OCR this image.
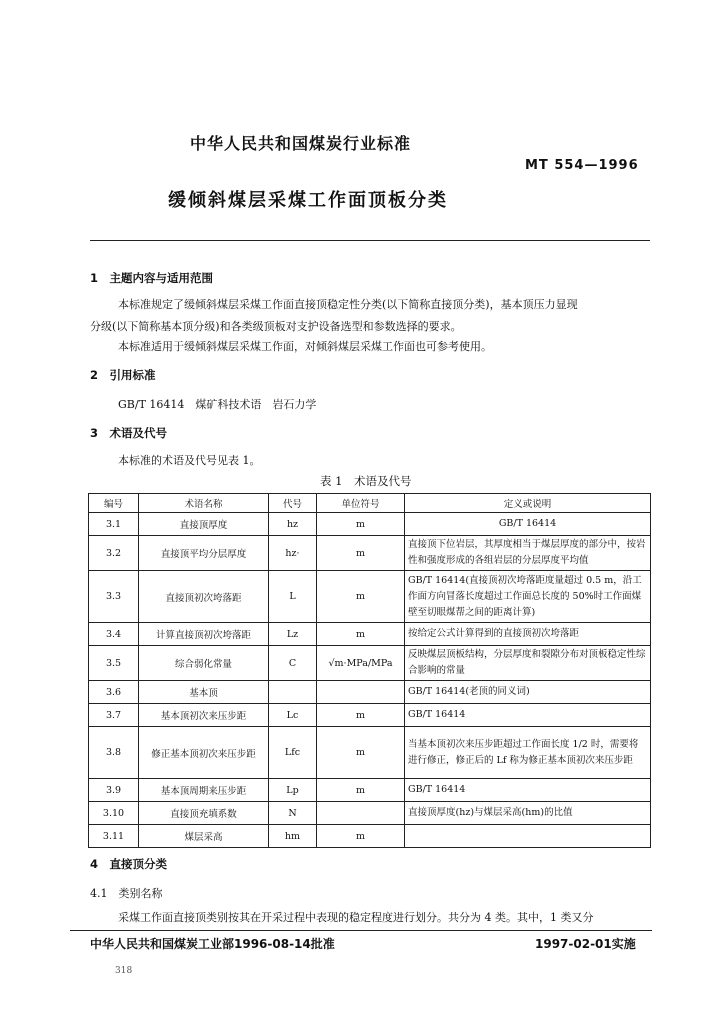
中华人民共和国煤炭行业标准
MT 554—1996
缓倾斜煤层采煤工作面顶板分类
1　主题内容与适用范围
本标准规定了缓倾斜煤层采煤工作面直接顶稳定性分类(以下简称直接顶分类)，基本顶压力显现
分级(以下简称基本顶分级)和各类级顶板对支护设备选型和参数选择的要求。
本标准适用于缓倾斜煤层采煤工作面，对倾斜煤层采煤工作面也可参考使用。
2　引用标准
GB/T 16414　煤矿科技术语　岩石力学
3　术语及代号
本标准的术语及代号见表 1。
表 1　术语及代号
编号	术语名称	代号	单位符号	定义或说明
3.1	直接顶厚度	hz	m	GB/T 16414
3.2	直接顶平均分层厚度	hz·	m	直接顶下位岩层，其厚度相当于煤层厚度的部分中，按岩性和强度形成的各组岩层的分层厚度平均值
3.3	直接顶初次垮落距	L	m	GB/T 16414(直接顶初次垮落距度量超过 0.5 m，沿工作面方向冒落长度超过工作面总长度的 50%时工作面煤壁至切眼煤帮之间的距离计算)
3.4	计算直接顶初次垮落距	Lz	m	按给定公式计算得到的直接顶初次垮落距
3.5	综合弱化常量	C	√m·MPa/MPa	反映煤层顶板结构，分层厚度和裂隙分布对顶板稳定性综合影响的常量
3.6	基本顶			GB/T 16414(老顶的同义词)
3.7	基本顶初次来压步距	Lc	m	GB/T 16414
3.8	修正基本顶初次来压步距	Lfc	m	当基本顶初次来压步距超过工作面长度 1/2 时，需要将进行修正，修正后的 Lf 称为修正基本顶初次来压步距
3.9	基本顶周期来压步距	Lp	m	GB/T 16414
3.10	直接顶充填系数	N		直接顶厚度(hz)与煤层采高(hm)的比值
3.11	煤层采高	hm	m	
4　直接顶分类
4.1　类别名称
采煤工作面直接顶类别按其在开采过程中表现的稳定程度进行划分。共分为 4 类。其中，1 类又分
中华人民共和国煤炭工业部1996-08-14批准	1997-02-01实施
318
